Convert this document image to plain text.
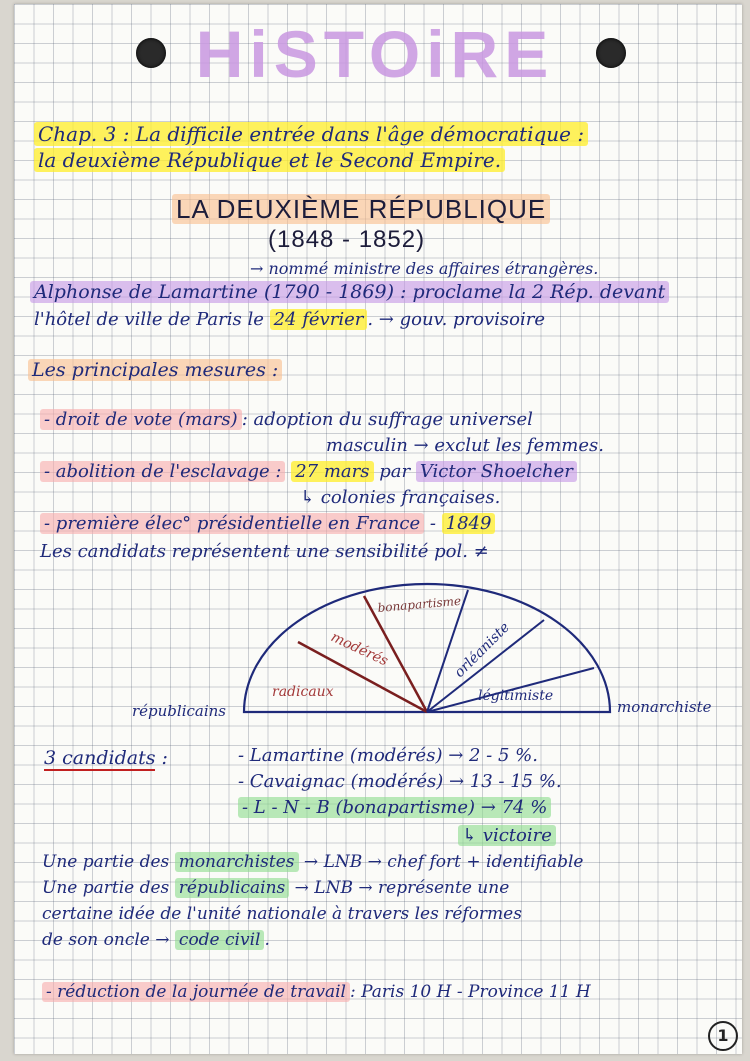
HiSTOiRE
Chap. 3 : La difficile entrée dans l'âge démocratique :
la deuxième République et le Second Empire.
LA DEUXIÈME RÉPUBLIQUE
(1848 - 1852)
→ nommé ministre des affaires étrangères.
Alphonse de Lamartine (1790 - 1869) : proclame la 2 Rép. devant
l'hôtel de ville de Paris le 24 février . → gouv. provisoire
Les principales mesures :
- droit de vote (mars) : adoption du suffrage universel
masculin → exclut les femmes.
- abolition de l'esclavage : 27 mars par Victor Shoelcher
↳ colonies françaises.
- première élec° présidentielle en France - 1849
Les candidats représentent une sensibilité pol. ≠
républicains	monarchiste
radicaux
modérés
bonapartisme
orléaniste
légitimiste
3 candidats :	- Lamartine (modérés) → 2 - 5 %.
- Cavaignac (modérés) → 13 - 15 %.
- L - N - B (bonapartisme) → 74 %
↳ victoire
Une partie des monarchistes → LNB → chef fort + identifiable
Une partie des républicains → LNB → représente une
certaine idée de l'unité nationale à travers les réformes
de son oncle → code civil .
- réduction de la journée de travail : Paris 10 H - Province 11 H
1
